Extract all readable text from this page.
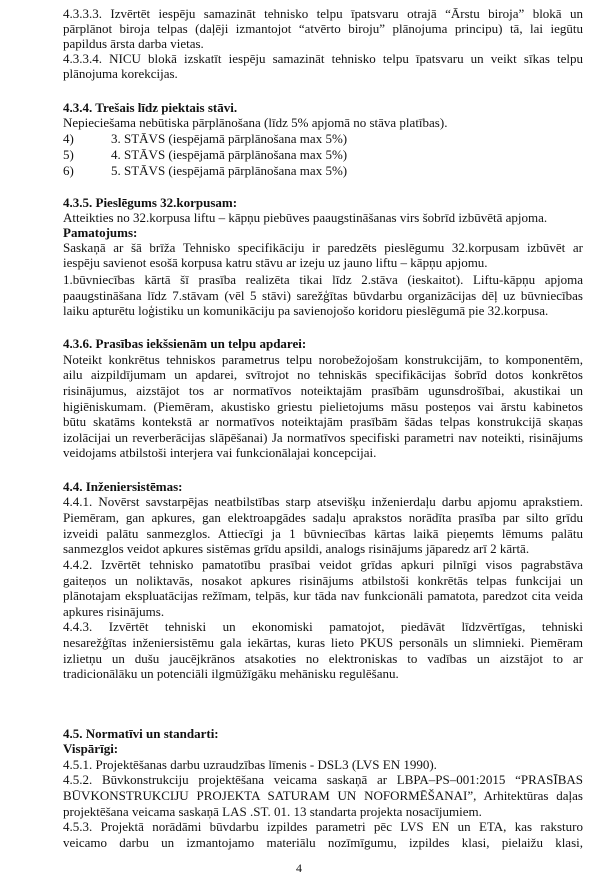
4.3.3.3. Izvērtēt iespēju samazināt tehnisko telpu īpatsvaru otrajā “Ārstu biroja” blokā un
pārplānot biroja telpas (daļēji izmantojot “atvērto biroju” plānojuma principu) tā, lai iegūtu
papildus ārsta darba vietas.
4.3.3.4. NICU blokā izskatīt iespēju samazināt tehnisko telpu īpatsvaru un veikt sīkas telpu
plānojuma korekcijas.
4.3.4. Trešais līdz piektais stāvi.
Nepieciešama nebūtiska pārplānošana (līdz 5% apjomā no stāva platības).
4)	3. STĀVS (iespējamā pārplānošana max 5%)
5)	4. STĀVS (iespējamā pārplānošana max 5%)
6)	5. STĀVS (iespējamā pārplānošana max 5%)
4.3.5. Pieslēgums 32.korpusam:
Atteikties no 32.korpusa liftu – kāpņu piebūves paaugstināšanas virs šobrīd izbūvētā apjoma.
Pamatojums:
Saskaņā ar šā brīža Tehnisko specifikāciju ir paredzēts pieslēgumu 32.korpusam izbūvēt ar
iespēju savienot esošā korpusa katru stāvu ar izeju uz jauno liftu – kāpņu apjomu.
1.būvniecības kārtā šī prasība realizēta tikai līdz 2.stāva (ieskaitot). Liftu-kāpņu apjoma
paaugstināšana līdz 7.stāvam (vēl 5 stāvi) sarežģītas būvdarbu organizācijas dēļ uz būvniecības
laiku apturētu loģistiku un komunikāciju pa savienojošo koridoru pieslēgumā pie 32.korpusa.
4.3.6. Prasības iekšsienām un telpu apdarei:
Noteikt konkrētus tehniskos parametrus telpu norobežojošam konstrukcijām, to komponentēm,
ailu aizpildījumam un apdarei, svītrojot no tehniskās specifikācijas šobrīd dotos konkrētos
risinājumus, aizstājot tos ar normatīvos noteiktajām prasībām ugunsdrošībai, akustikai un
higiēniskumam. (Piemēram, akustisko griestu pielietojums māsu posteņos vai ārstu kabinetos
būtu skatāms kontekstā ar normatīvos noteiktajām prasībām šādas telpas konstrukcijā skaņas
izolācijai un reverberācijas slāpēšanai) Ja normatīvos specifiski parametri nav noteikti, risinājums
veidojams atbilstoši interjera vai funkcionālajai koncepcijai.
4.4. Inženiersistēmas:
4.4.1. Novērst savstarpējas neatbilstības starp atsevišķu inženierdaļu darbu apjomu aprakstiem.
Piemēram, gan apkures, gan elektroapgādes sadaļu aprakstos norādīta prasība par silto grīdu
izveidi palātu sanmezglos. Attiecīgi ja 1 būvniecības kārtas laikā pieņemts lēmums palātu
sanmezglos veidot apkures sistēmas grīdu apsildi, analogs risinājums jāparedz arī 2 kārtā.
4.4.2. Izvērtēt tehnisko pamatotību prasībai veidot grīdas apkuri pilnīgi visos pagrabstāva
gaiteņos un noliktavās, nosakot apkures risinājums atbilstoši konkrētās telpas funkcijai un
plānotajam ekspluatācijas režīmam, telpās, kur tāda nav funkcionāli pamatota, paredzot cita veida
apkures risinājums.
4.4.3. Izvērtēt tehniski un ekonomiski pamatojot, piedāvāt līdzvērtīgas, tehniski
nesarežģītas inženiersistēmu gala iekārtas, kuras lieto PKUS personāls un slimnieki. Piemēram
izlietņu un dušu jaucējkrānos atsakoties no elektroniskas to vadības un aizstājot to ar
tradicionālāku un potenciāli ilgmūžīgāku mehānisku regulēšanu.
4.5. Normatīvi un standarti:
Vispārīgi:
4.5.1. Projektēšanas darbu uzraudzības līmenis - DSL3 (LVS EN 1990).
4.5.2. Būvkonstrukciju projektēšana veicama saskaņā ar LBPA–PS–001:2015 “PRASĪBAS
BŪVKONSTRUKCIJU PROJEKTA SATURAM UN NOFORMĒŠANAI”, Arhitektūras daļas
projektēšana veicama saskaņā LAS .ST. 01. 13 standarta projekta nosacījumiem.
4.5.3. Projektā norādāmi būvdarbu izpildes parametri pēc LVS EN un ETA, kas raksturo
veicamo darbu un izmantojamo materiālu nozīmīgumu, izpildes klasi, pielaižu klasi,
4
